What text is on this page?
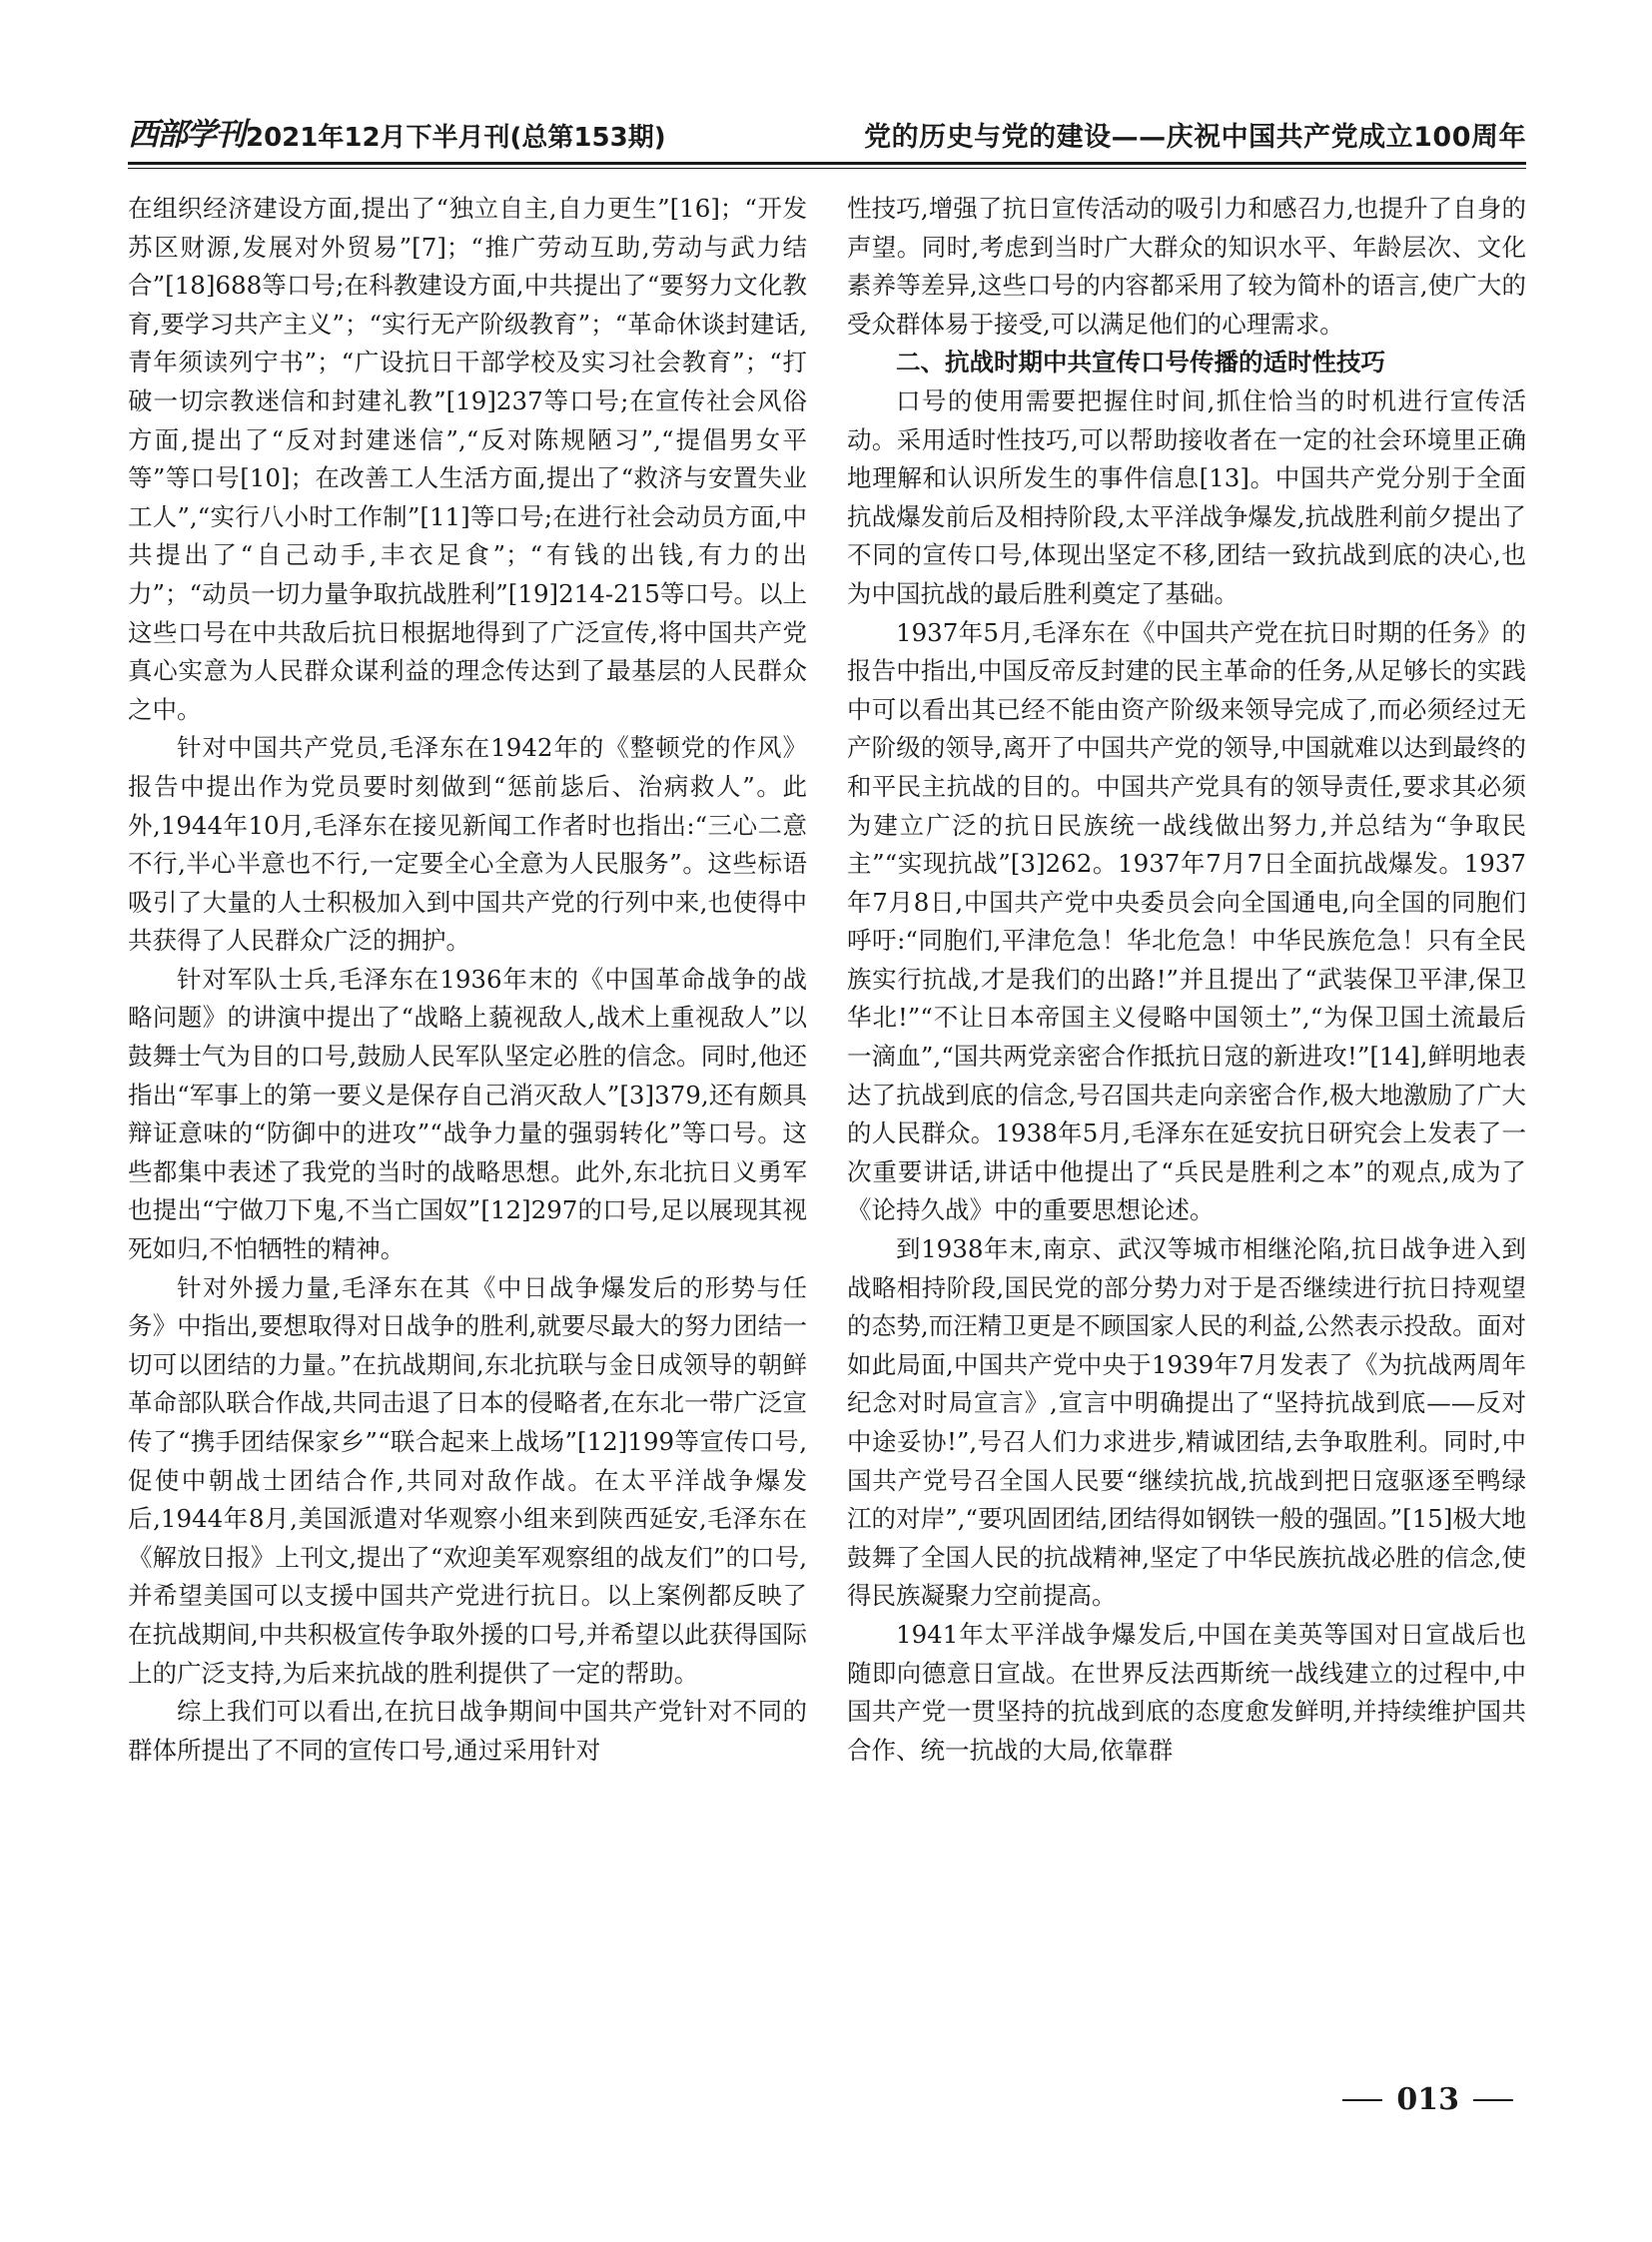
西部学刊 2021年12月下半月刊(总第153期)	党的历史与党的建设——庆祝中国共产党成立100周年

在组织经济建设方面,提出了“独立自主,自力更生”[16]；“开发苏区财源,发展对外贸易”[7]；“推广劳动互助,劳动与武力结合”[18]688等口号;在科教建设方面,中共提出了“要努力文化教育,要学习共产主义”；“实行无产阶级教育”；“革命休谈封建话,青年须读列宁书”；“广设抗日干部学校及实习社会教育”；“打破一切宗教迷信和封建礼教”[19]237等口号;在宣传社会风俗方面,提出了“反对封建迷信”,“反对陈规陋习”,“提倡男女平等”等口号[10]；在改善工人生活方面,提出了“救济与安置失业工人”,“实行八小时工作制”[11]等口号;在进行社会动员方面,中共提出了“自己动手,丰衣足食”；“有钱的出钱,有力的出力”；“动员一切力量争取抗战胜利”[19]214-215等口号。以上这些口号在中共敌后抗日根据地得到了广泛宣传,将中国共产党真心实意为人民群众谋利益的理念传达到了最基层的人民群众之中。

针对中国共产党员,毛泽东在1942年的《整顿党的作风》报告中提出作为党员要时刻做到“惩前毖后、治病救人”。此外,1944年10月,毛泽东在接见新闻工作者时也指出:“三心二意不行,半心半意也不行,一定要全心全意为人民服务”。这些标语吸引了大量的人士积极加入到中国共产党的行列中来,也使得中共获得了人民群众广泛的拥护。

针对军队士兵,毛泽东在1936年末的《中国革命战争的战略问题》的讲演中提出了“战略上藐视敌人,战术上重视敌人”以鼓舞士气为目的口号,鼓励人民军队坚定必胜的信念。同时,他还指出“军事上的第一要义是保存自己消灭敌人”[3]379,还有颇具辩证意味的“防御中的进攻”“战争力量的强弱转化”等口号。这些都集中表述了我党的当时的战略思想。此外,东北抗日义勇军也提出“宁做刀下鬼,不当亡国奴”[12]297的口号,足以展现其视死如归,不怕牺牲的精神。

针对外援力量,毛泽东在其《中日战争爆发后的形势与任务》中指出,要想取得对日战争的胜利,就要尽最大的努力团结一切可以团结的力量。”在抗战期间,东北抗联与金日成领导的朝鲜革命部队联合作战,共同击退了日本的侵略者,在东北一带广泛宣传了“携手团结保家乡”“联合起来上战场”[12]199等宣传口号,促使中朝战士团结合作,共同对敌作战。在太平洋战争爆发后,1944年8月,美国派遣对华观察小组来到陕西延安,毛泽东在《解放日报》上刊文,提出了“欢迎美军观察组的战友们”的口号,并希望美国可以支援中国共产党进行抗日。以上案例都反映了在抗战期间,中共积极宣传争取外援的口号,并希望以此获得国际上的广泛支持,为后来抗战的胜利提供了一定的帮助。

综上我们可以看出,在抗日战争期间中国共产党针对不同的群体所提出了不同的宣传口号,通过采用针对

性技巧,增强了抗日宣传活动的吸引力和感召力,也提升了自身的声望。同时,考虑到当时广大群众的知识水平、年龄层次、文化素养等差异,这些口号的内容都采用了较为简朴的语言,使广大的受众群体易于接受,可以满足他们的心理需求。

二、抗战时期中共宣传口号传播的适时性技巧

口号的使用需要把握住时间,抓住恰当的时机进行宣传活动。采用适时性技巧,可以帮助接收者在一定的社会环境里正确地理解和认识所发生的事件信息[13]。中国共产党分别于全面抗战爆发前后及相持阶段,太平洋战争爆发,抗战胜利前夕提出了不同的宣传口号,体现出坚定不移,团结一致抗战到底的决心,也为中国抗战的最后胜利奠定了基础。

1937年5月,毛泽东在《中国共产党在抗日时期的任务》的报告中指出,中国反帝反封建的民主革命的任务,从足够长的实践中可以看出其已经不能由资产阶级来领导完成了,而必须经过无产阶级的领导,离开了中国共产党的领导,中国就难以达到最终的和平民主抗战的目的。中国共产党具有的领导责任,要求其必须为建立广泛的抗日民族统一战线做出努力,并总结为“争取民主”“实现抗战”[3]262。1937年7月7日全面抗战爆发。1937年7月8日,中国共产党中央委员会向全国通电,向全国的同胞们呼吁:“同胞们,平津危急！华北危急！中华民族危急！只有全民族实行抗战,才是我们的出路!”并且提出了“武装保卫平津,保卫华北!”“不让日本帝国主义侵略中国领土”,“为保卫国土流最后一滴血”,“国共两党亲密合作抵抗日寇的新进攻!”[14],鲜明地表达了抗战到底的信念,号召国共走向亲密合作,极大地激励了广大的人民群众。1938年5月,毛泽东在延安抗日研究会上发表了一次重要讲话,讲话中他提出了“兵民是胜利之本”的观点,成为了《论持久战》中的重要思想论述。

到1938年末,南京、武汉等城市相继沦陷,抗日战争进入到战略相持阶段,国民党的部分势力对于是否继续进行抗日持观望的态势,而汪精卫更是不顾国家人民的利益,公然表示投敌。面对如此局面,中国共产党中央于1939年7月发表了《为抗战两周年纪念对时局宣言》,宣言中明确提出了“坚持抗战到底——反对中途妥协!”,号召人们力求进步,精诚团结,去争取胜利。同时,中国共产党号召全国人民要“继续抗战,抗战到把日寇驱逐至鸭绿江的对岸”,“要巩固团结,团结得如钢铁一般的强固。”[15]极大地鼓舞了全国人民的抗战精神,坚定了中华民族抗战必胜的信念,使得民族凝聚力空前提高。

1941年太平洋战争爆发后,中国在美英等国对日宣战后也随即向德意日宣战。在世界反法西斯统一战线建立的过程中,中国共产党一贯坚持的抗战到底的态度愈发鲜明,并持续维护国共合作、统一抗战的大局,依靠群

013
